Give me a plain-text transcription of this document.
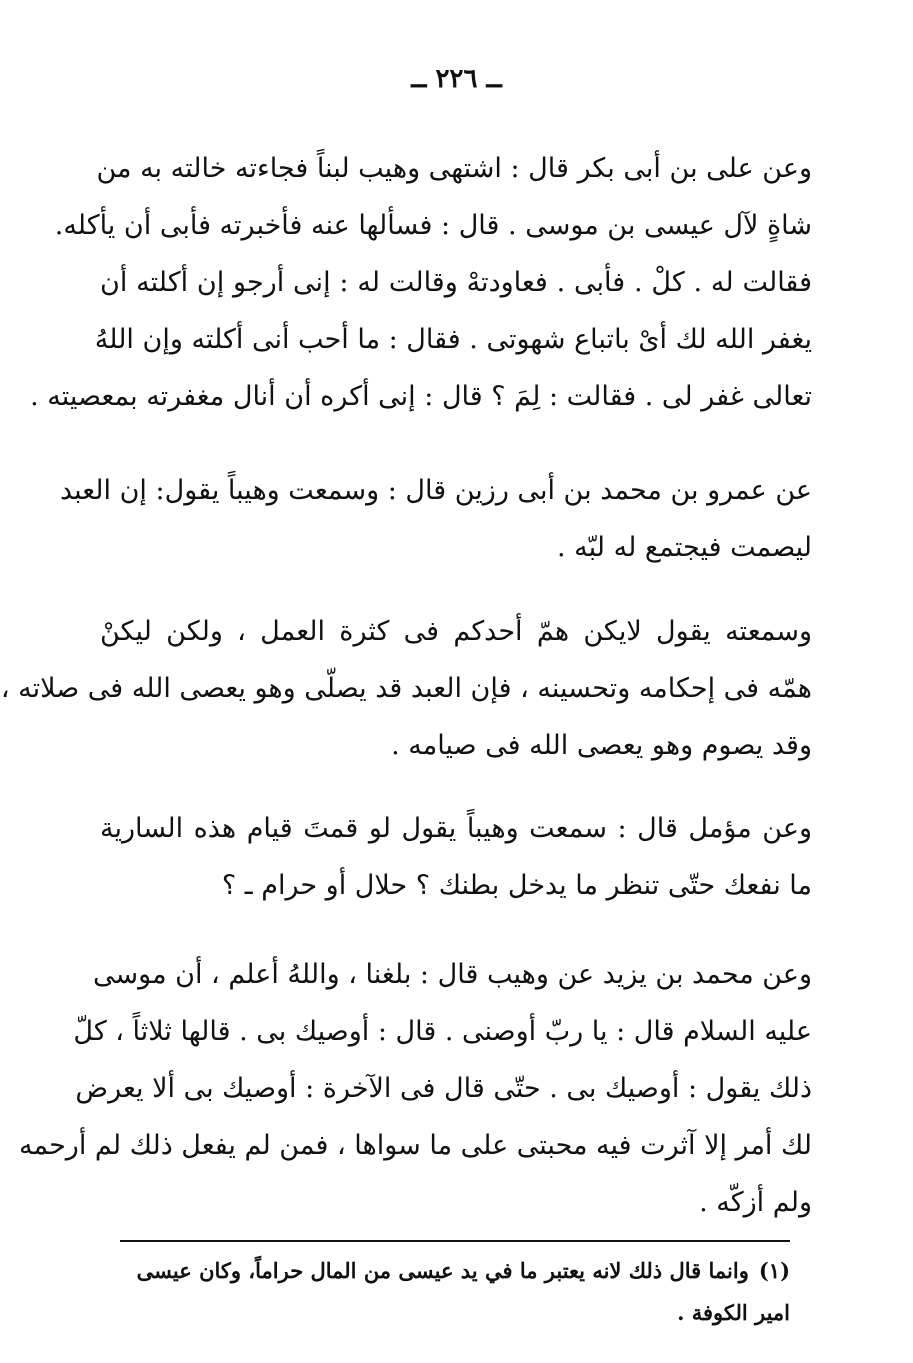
ــ ٢٢٦ ــ
وعن على بن أبى بكر قال : اشتهى وهيب لبناً فجاءته خالته به من
شاةٍ لآل عيسى بن موسى . قال : فسألها عنه فأخبرته فأبى أن يأكله.
فقالت له . كلْ . فأبى . فعاودتهْ وقالت له : إنى أرجو إن أكلته أن
يغفر الله لك أىْ باتباع شهوتى . فقال : ما أحب أنى أكلته وإن اللهُ
تعالى غفر لى . فقالت : لِمَ ؟ قال : إنى أكره أن أنال مغفرته بمعصيته .
عن عمرو بن محمد بن أبى رزين قال : وسمعت وهيباً يقول: إن العبد
ليصمت فيجتمع له لبّه .
وسمعته يقول لايكن همّ أحدكم فى كثرة العمل ، ولكن ليكنْ
همّه فى إحكامه وتحسينه ، فإن العبد قد يصلّى وهو يعصى الله فى صلاته ،
وقد يصوم وهو يعصى الله فى صيامه .
وعن مؤمل قال : سمعت وهيباً يقول لو قمتَ قيام هذه السارية
ما نفعك حتّى تنظر ما يدخل بطنك ؟ حلال أو حرام ـ ؟
وعن محمد بن يزيد عن وهيب قال : بلغنا ، واللهُ أعلم ، أن موسى
عليه السلام قال : يا ربّ أوصنى . قال : أوصيك بى . قالها ثلاثاً ، كلّ
ذلك يقول : أوصيك بى . حتّى قال فى الآخرة : أوصيك بى ألا يعرض
لك أمر إلا آثرت فيه محبتى على ما سواها ، فمن لم يفعل ذلك لم أرحمه
ولم أزكّه .
(١)وانما قال ذلك لانه يعتبر ما في يد عيسى من المال حراماً، وكان عيسى
امير الكوفة .
